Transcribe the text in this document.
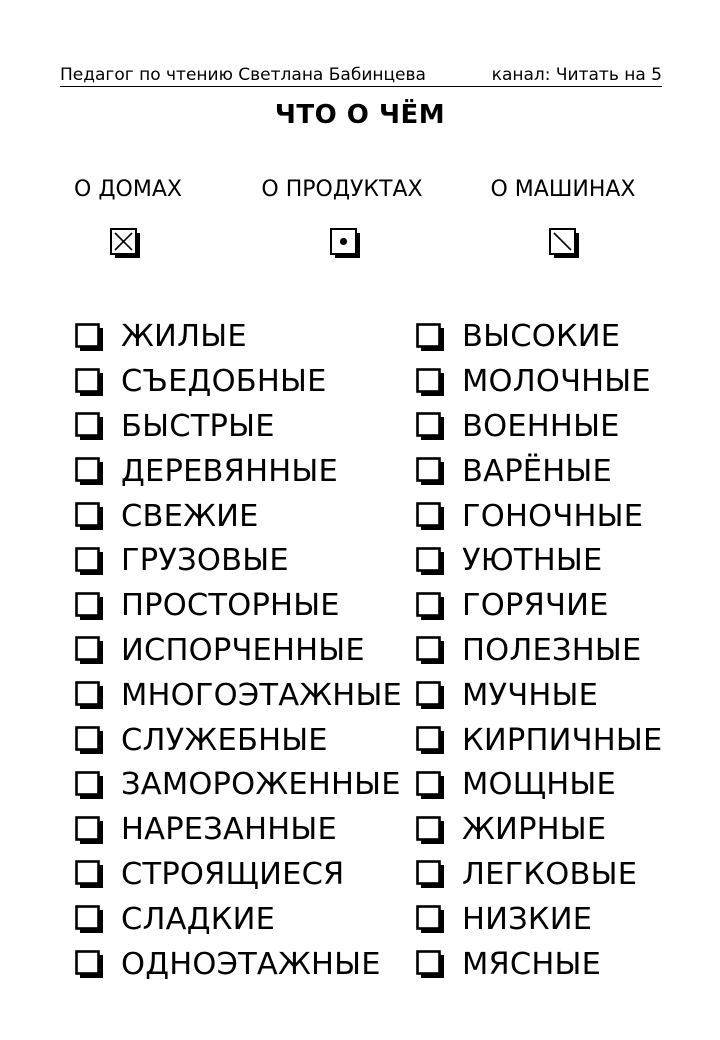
Педагог по чтению Светлана Бабинцева	канал: Читать на 5
ЧТО О ЧЁМ
О ДОМАХ	О ПРОДУКТАХ	О МАШИНАХ
ЖИЛЫЕ
СЪЕДОБНЫЕ
БЫСТРЫЕ
ДЕРЕВЯННЫЕ
СВЕЖИЕ
ГРУЗОВЫЕ
ПРОСТОРНЫЕ
ИСПОРЧЕННЫЕ
МНОГОЭТАЖНЫЕ
СЛУЖЕБНЫЕ
ЗАМОРОЖЕННЫЕ
НАРЕЗАННЫЕ
СТРОЯЩИЕСЯ
СЛАДКИЕ
ОДНОЭТАЖНЫЕ
ВЫСОКИЕ
МОЛОЧНЫЕ
ВОЕННЫЕ
ВАРЁНЫЕ
ГОНОЧНЫЕ
УЮТНЫЕ
ГОРЯЧИЕ
ПОЛЕЗНЫЕ
МУЧНЫЕ
КИРПИЧНЫЕ
МОЩНЫЕ
ЖИРНЫЕ
ЛЕГКОВЫЕ
НИЗКИЕ
МЯСНЫЕ
